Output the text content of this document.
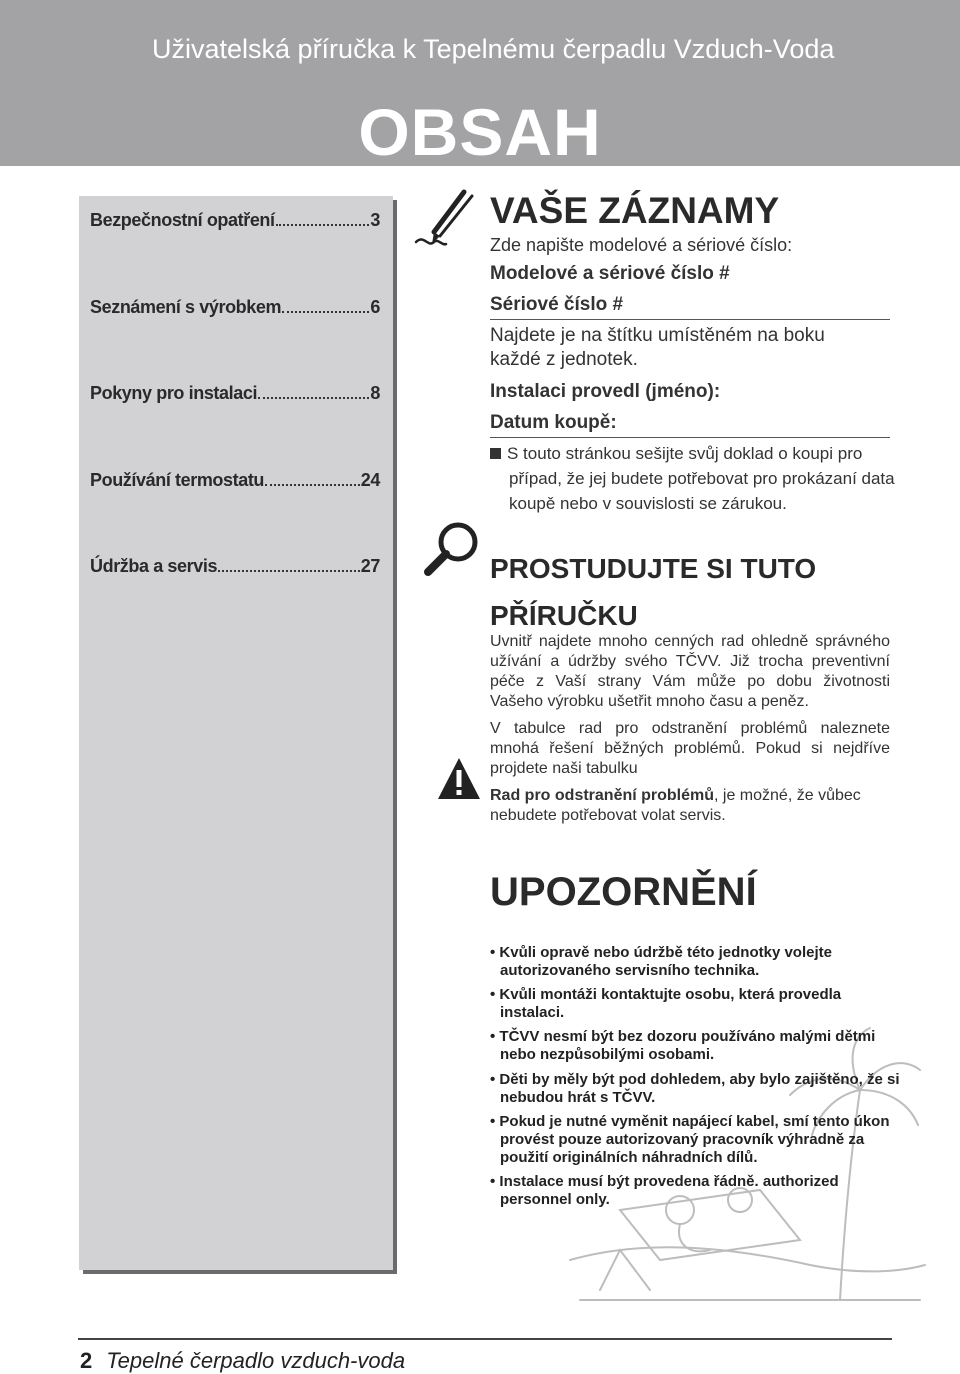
Uživatelská příručka k Tepelnému čerpadlu Vzduch-Voda
OBSAH
Bezpečnostní opatření	3
Seznámení s výrobkem	6
Pokyny pro instalaci	8
Používání termostatu	24
Údržba a servis	27
VAŠE ZÁZNAMY
Zde napište modelové a sériové číslo:
Modelové a sériové číslo #
Sériové číslo #
Najdete je na štítku umístěném na boku
každé z jednotek.
Instalaci provedl (jméno):
Datum koupě:
S touto stránkou sešijte svůj doklad o koupi pro případ, že jej budete potřebovat pro prokázaní data koupě nebo v souvislosti se zárukou.
PROSTUDUJTE SI TUTO
PŘÍRUČKU
Uvnitř najdete mnoho cenných rad ohledně správného užívání a údržby svého TČVV. Již trocha preventivní péče z Vaší strany Vám může po dobu životnosti Vašeho výrobku ušetřit mnoho času a peněz.
V tabulce rad pro odstranění problémů naleznete mnohá řešení běžných problémů. Pokud si nejdříve projdete naši tabulku
Rad pro odstranění problémů, je možné, že vůbec nebudete potřebovat volat servis.
UPOZORNĚNÍ
• Kvůli opravě nebo údržbě této jednotky volejte autorizovaného servisního technika.
• Kvůli montáži kontaktujte osobu, která provedla instalaci.
• TČVV nesmí být bez dozoru používáno malými dětmi nebo nezpůsobilými osobami.
• Děti by měly být pod dohledem, aby bylo zajištěno, že si nebudou hrát s TČVV.
• Pokud je nutné vyměnit napájecí kabel, smí tento úkon provést pouze autorizovaný pracovník výhradně za použití originálních náhradních dílů.
• Instalace musí být provedena řádně. authorized personnel only.
2 Tepelné čerpadlo vzduch-voda
